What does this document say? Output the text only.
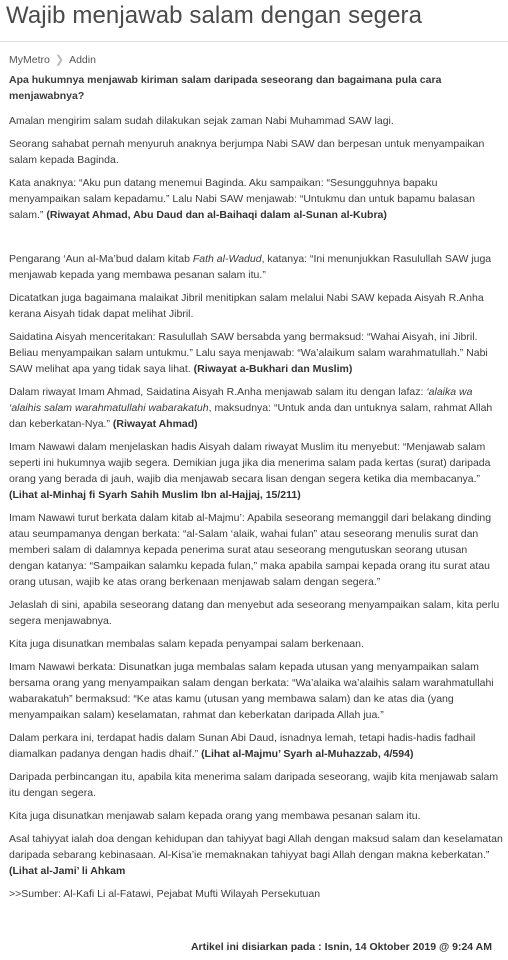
Wajib menjawab salam dengan segera
MyMetro ❯ Addin

Apa hukumnya menjawab kiriman salam daripada seseorang dan bagaimana pula cara menjawabnya?

Amalan mengirim salam sudah dilakukan sejak zaman Nabi Muhammad SAW lagi.

Seorang sahabat pernah menyuruh anaknya berjumpa Nabi SAW dan berpesan untuk menyampaikan salam kepada Baginda.

Kata anaknya: “Aku pun datang menemui Baginda. Aku sampaikan: “Sesungguhnya bapaku menyampaikan salam kepadamu.” Lalu Nabi SAW menjawab: “Untukmu dan untuk bapamu balasan salam.” (Riwayat Ahmad, Abu Daud dan al-Baihaqi dalam al-Sunan al-Kubra)

Pengarang ‘Aun al-Ma’bud dalam kitab Fath al-Wadud, katanya: “Ini menunjukkan Rasulullah SAW juga menjawab kepada yang membawa pesanan salam itu.”

Dicatatkan juga bagaimana malaikat Jibril menitipkan salam melalui Nabi SAW kepada Aisyah R.Anha kerana Aisyah tidak dapat melihat Jibril.

Saidatina Aisyah menceritakan: Rasulullah SAW bersabda yang bermaksud: “Wahai Aisyah, ini Jibril. Beliau menyampaikan salam untukmu.” Lalu saya menjawab: “Wa’alaikum salam warahmatullah.” Nabi SAW melihat apa yang tidak saya lihat. (Riwayat a-Bukhari dan Muslim)

Dalam riwayat Imam Ahmad, Saidatina Aisyah R.Anha menjawab salam itu dengan lafaz: ‘alaika wa ‘alaihis salam warahmatullahi wabarakatuh, maksudnya: “Untuk anda dan untuknya salam, rahmat Allah dan keberkatan-Nya.” (Riwayat Ahmad)

Imam Nawawi dalam menjelaskan hadis Aisyah dalam riwayat Muslim itu menyebut: “Menjawab salam seperti ini hukumnya wajib segera. Demikian juga jika dia menerima salam pada kertas (surat) daripada orang yang berada di jauh, wajib dia menjawab secara lisan dengan segera ketika dia membacanya.” (Lihat al-Minhaj fi Syarh Sahih Muslim Ibn al-Hajjaj, 15/211)

Imam Nawawi turut berkata dalam kitab al-Majmu’: Apabila seseorang memanggil dari belakang dinding atau seumpamanya dengan berkata: “al-Salam ‘alaik, wahai fulan” atau seseorang menulis surat dan memberi salam di dalamnya kepada penerima surat atau seseorang mengutuskan seorang utusan dengan katanya: “Sampaikan salamku kepada fulan,” maka apabila sampai kepada orang itu surat atau orang utusan, wajib ke atas orang berkenaan menjawab salam dengan segera.”

Jelaslah di sini, apabila seseorang datang dan menyebut ada seseorang menyampaikan salam, kita perlu segera menjawabnya.

Kita juga disunatkan membalas salam kepada penyampai salam berkenaan.

Imam Nawawi berkata: Disunatkan juga membalas salam kepada utusan yang menyampaikan salam bersama orang yang menyampaikan salam dengan berkata: “Wa’alaika wa’alaihis salam warahmatullahi wabarakatuh” bermaksud: “Ke atas kamu (utusan yang membawa salam) dan ke atas dia (yang menyampaikan salam) keselamatan, rahmat dan keberkatan daripada Allah jua.”

Dalam perkara ini, terdapat hadis dalam Sunan Abi Daud, isnadnya lemah, tetapi hadis-hadis fadhail diamalkan padanya dengan hadis dhaif.” (Lihat al-Majmu’ Syarh al-Muhazzab, 4/594)

Daripada perbincangan itu, apabila kita menerima salam daripada seseorang, wajib kita menjawab salam itu dengan segera.

Kita juga disunatkan menjawab salam kepada orang yang membawa pesanan salam itu.

Asal tahiyyat ialah doa dengan kehidupan dan tahiyyat bagi Allah dengan maksud salam dan keselamatan daripada sebarang kebinasaan. Al-Kisa’ie memaknakan tahiyyat bagi Allah dengan makna keberkatan.” (Lihat al-Jami’ li Ahkam

>>Sumber: Al-Kafi Li al-Fatawi, Pejabat Mufti Wilayah Persekutuan

Artikel ini disiarkan pada : Isnin, 14 Oktober 2019 @ 9:24 AM
